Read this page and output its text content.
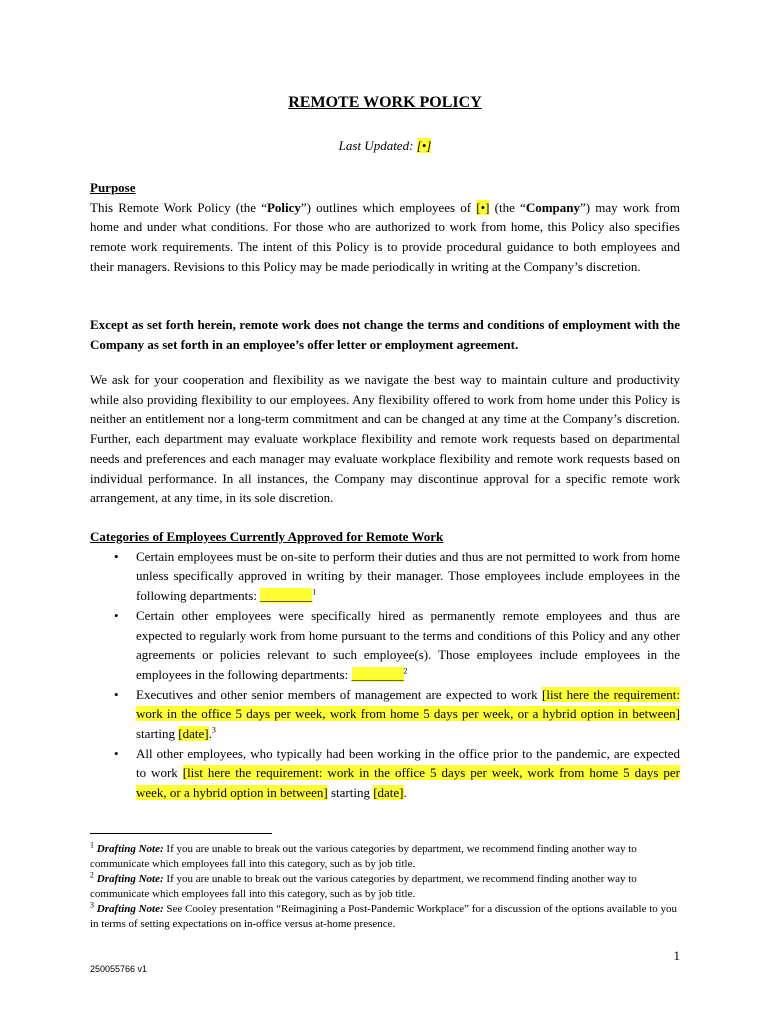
REMOTE WORK POLICY
Last Updated: [•]
Purpose
This Remote Work Policy (the “Policy”) outlines which employees of [•] (the “Company”) may work from home and under what conditions. For those who are authorized to work from home, this Policy also specifies remote work requirements. The intent of this Policy is to provide procedural guidance to both employees and their managers. Revisions to this Policy may be made periodically in writing at the Company’s discretion.
Except as set forth herein, remote work does not change the terms and conditions of employment with the Company as set forth in an employee’s offer letter or employment agreement.
We ask for your cooperation and flexibility as we navigate the best way to maintain culture and productivity while also providing flexibility to our employees. Any flexibility offered to work from home under this Policy is neither an entitlement nor a long-term commitment and can be changed at any time at the Company’s discretion. Further, each department may evaluate workplace flexibility and remote work requests based on departmental needs and preferences and each manager may evaluate workplace flexibility and remote work requests based on individual performance. In all instances, the Company may discontinue approval for a specific remote work arrangement, at any time, in its sole discretion.
Categories of Employees Currently Approved for Remote Work
• Certain employees must be on-site to perform their duties and thus are not permitted to work from home unless specifically approved in writing by their manager. Those employees include employees in the following departments: ________$^1$
• Certain other employees were specifically hired as permanently remote employees and thus are expected to regularly work from home pursuant to the terms and conditions of this Policy and any other agreements or policies relevant to such employee(s). Those employees include employees in the employees in the following departments: ________$^2$
• Executives and other senior members of management are expected to work [list here the requirement: work in the office 5 days per week, work from home 5 days per week, or a hybrid option in between] starting [date].$^3$
• All other employees, who typically had been working in the office prior to the pandemic, are expected to work [list here the requirement: work in the office 5 days per week, work from home 5 days per week, or a hybrid option in between] starting [date].
$^1$ Drafting Note: If you are unable to break out the various categories by department, we recommend finding another way to communicate which employees fall into this category, such as by job title.
$^2$ Drafting Note: If you are unable to break out the various categories by department, we recommend finding another way to communicate which employees fall into this category, such as by job title.
$^3$ Drafting Note: See Cooley presentation “Reimagining a Post-Pandemic Workplace” for a discussion of the options available to you in terms of setting expectations on in-office versus at-home presence.
1
250055766 v1
